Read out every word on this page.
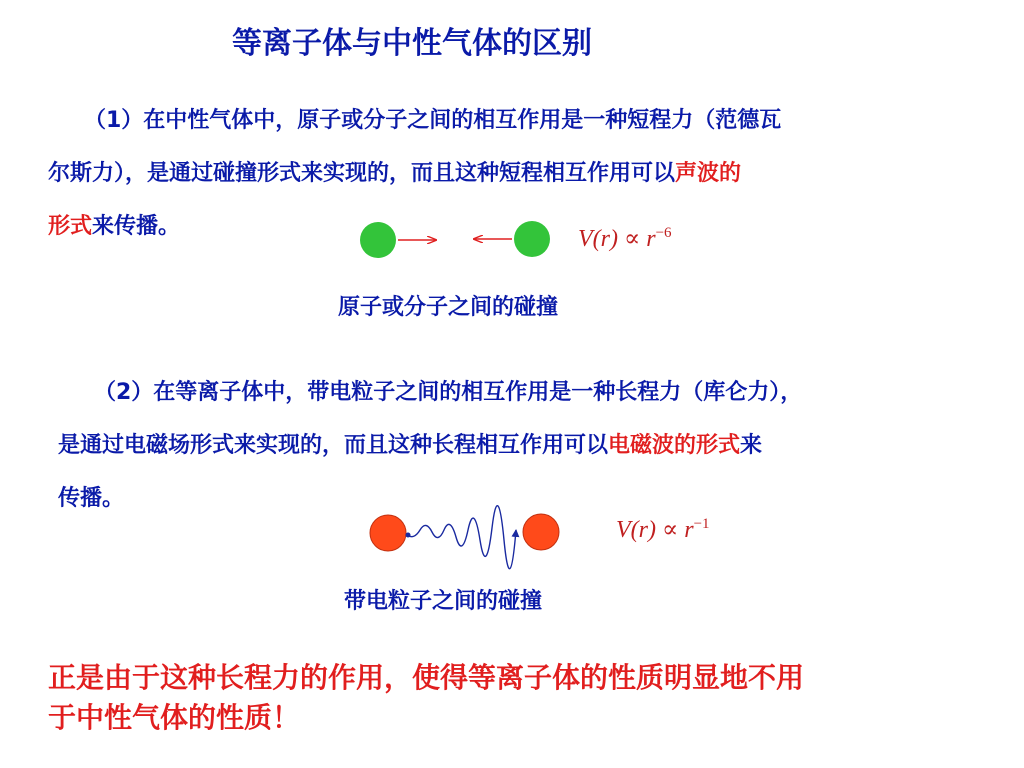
等离子体与中性气体的区别
（1）在中性气体中，原子或分子之间的相互作用是一种短程力（范德瓦
尔斯力），是通过碰撞形式来实现的，而且这种短程相互作用可以声波的
形式来传播。	$V(r) \propto r^{-6}$
原子或分子之间的碰撞
（2）在等离子体中，带电粒子之间的相互作用是一种长程力（库仑力），
是通过电磁场形式来实现的，而且这种长程相互作用可以电磁波的形式来
传播。
$V(r) \propto r^{-1}$
带电粒子之间的碰撞
正是由于这种长程力的作用，使得等离子体的性质明显地不用
于中性气体的性质！
